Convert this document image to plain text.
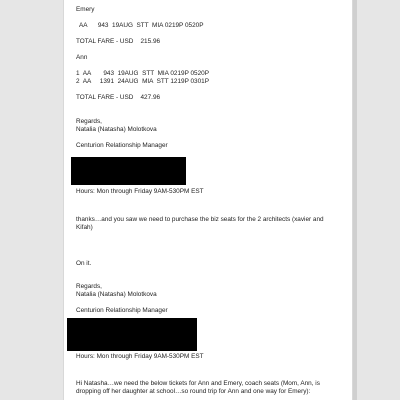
Emery
AA      943  19AUG  STT  MIA 0219P 0520P
TOTAL FARE - USD    215.96
Ann
1  AA       943  19AUG  STT  MIA 0219P 0520P
2  AA     1391  24AUG  MIA  STT 1219P 0301P
TOTAL FARE - USD    427.96
Regards,
Natalia (Natasha) Molotkova
Centurion Relationship Manager
Hours: Mon through Friday 9AM-530PM EST
thanks…and you saw we need to purchase the biz seats for the 2 architects (xavier and Kifah)
On it.
Regards,
Natalia (Natasha) Molotkova
Centurion Relationship Manager
Hours: Mon through Friday 9AM-530PM EST
Hi Natasha…we need the below tickets for Ann and Emery, coach seats (Mom, Ann, is dropping off her daughter at school…so round trip for Ann and one way for Emery):
